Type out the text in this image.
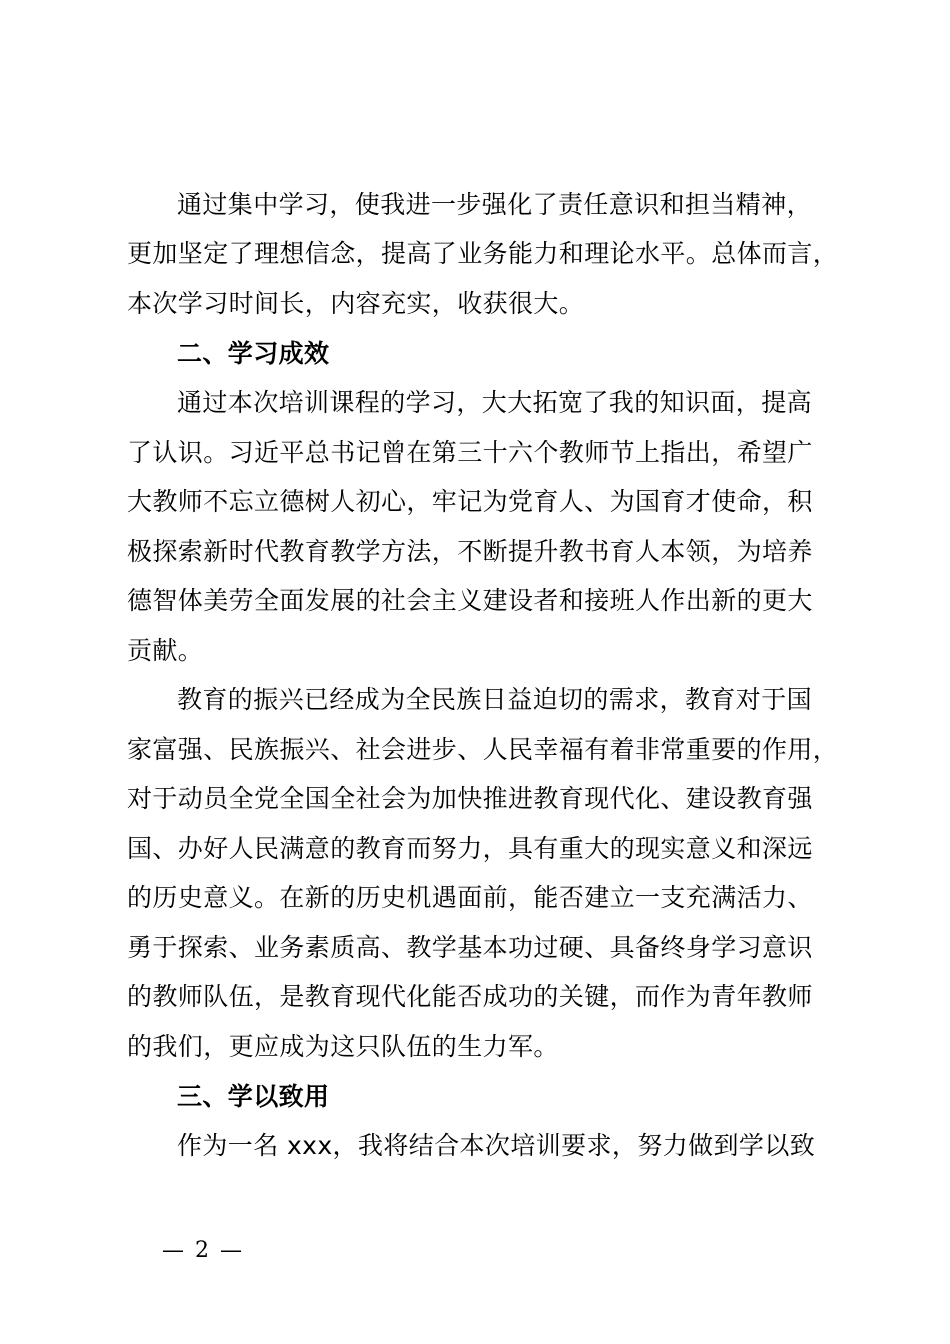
通过集中学习，使我进一步强化了责任意识和担当精神，
更加坚定了理想信念，提高了业务能力和理论水平。总体而言，
本次学习时间长，内容充实，收获很大。
二、学习成效
通过本次培训课程的学习，大大拓宽了我的知识面，提高
了认识。习近平总书记曾在第三十六个教师节上指出，希望广
大教师不忘立德树人初心，牢记为党育人、为国育才使命，积
极探索新时代教育教学方法，不断提升教书育人本领，为培养
德智体美劳全面发展的社会主义建设者和接班人作出新的更大
贡献。
教育的振兴已经成为全民族日益迫切的需求，教育对于国
家富强、民族振兴、社会进步、人民幸福有着非常重要的作用，
对于动员全党全国全社会为加快推进教育现代化、建设教育强
国、办好人民满意的教育而努力，具有重大的现实意义和深远
的历史意义。在新的历史机遇面前，能否建立一支充满活力、
勇于探索、业务素质高、教学基本功过硬、具备终身学习意识
的教师队伍，是教育现代化能否成功的关键，而作为青年教师
的我们，更应成为这只队伍的生力军。
三、学以致用
作为一名 xxx，我将结合本次培训要求，努力做到学以致
— 2 —
